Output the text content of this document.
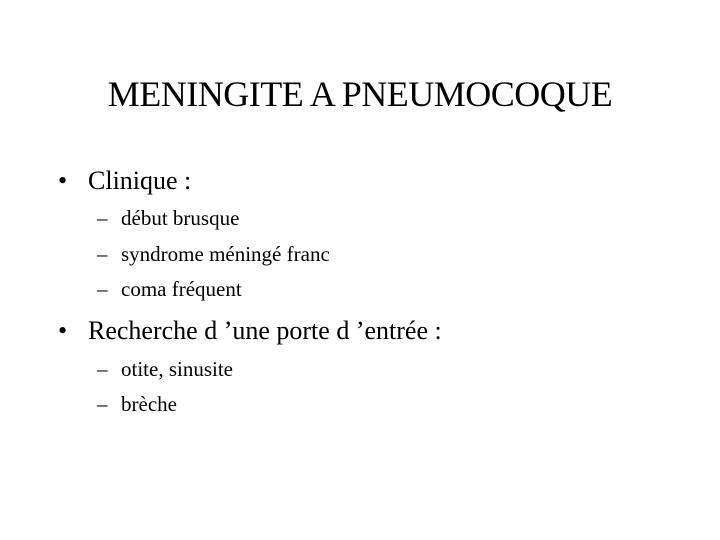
MENINGITE A PNEUMOCOQUE
• Clinique :
– début brusque
– syndrome méningé franc
– coma fréquent
• Recherche d ’une porte d ’entrée :
– otite, sinusite
– brèche
